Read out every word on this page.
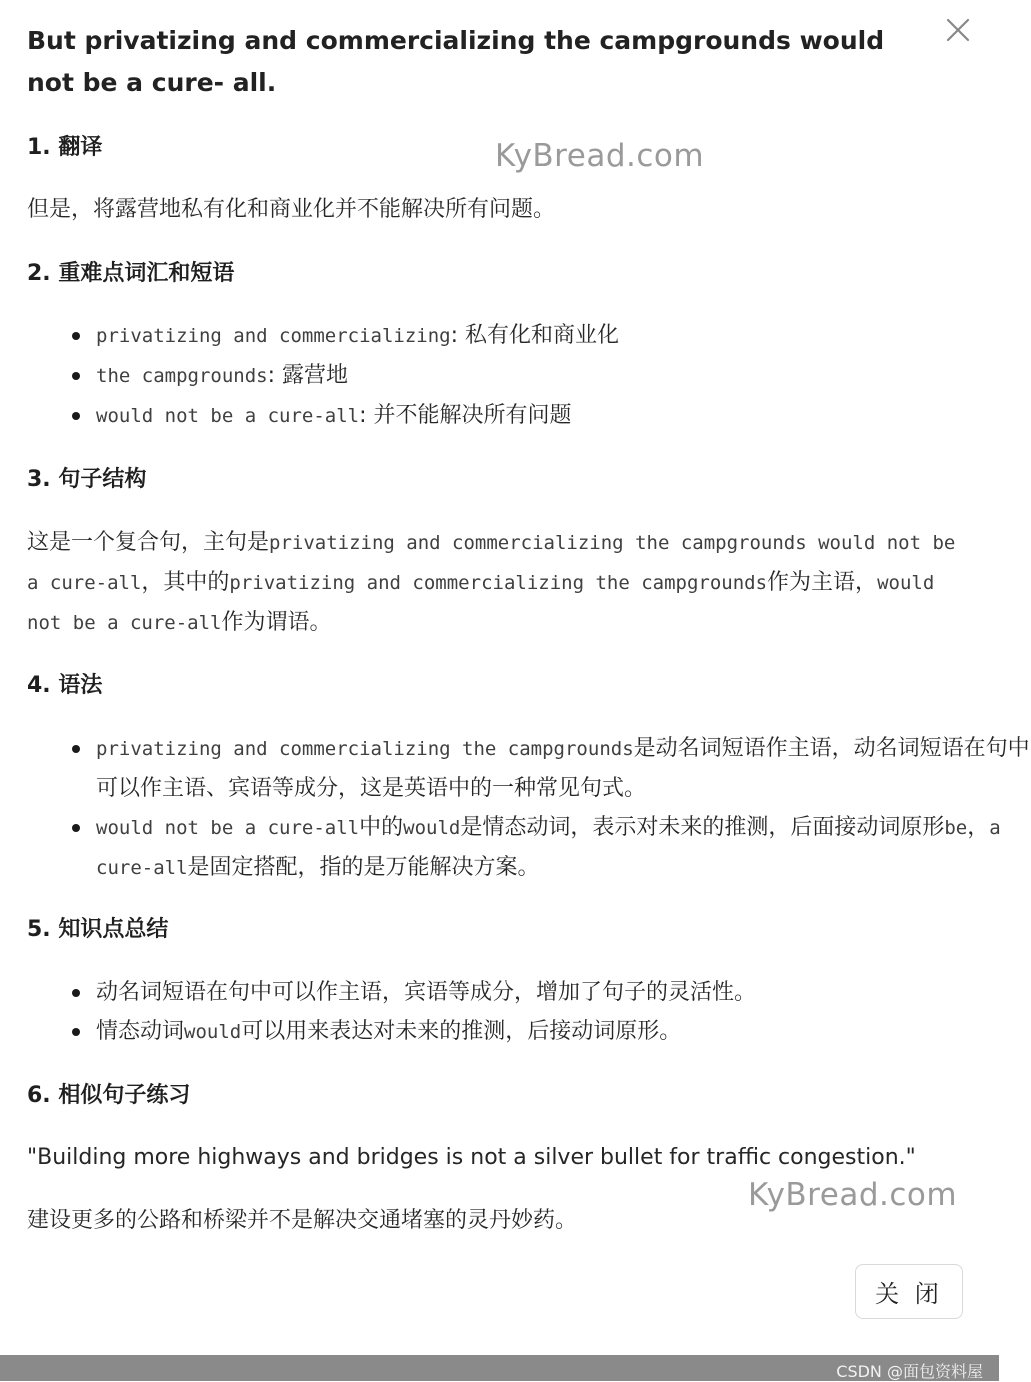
But privatizing and commercializing the campgrounds would not be a cure- all.
KyBread.com
1. 翻译

但是，将露营地私有化和商业化并不能解决所有问题。

2. 重难点词汇和短语
privatizing and commercializing: 私有化和商业化
the campgrounds: 露营地
would not be a cure-all: 并不能解决所有问题
3. 句子结构

这是一个复合句，主句是privatizing and commercializing the campgrounds would not be a cure-all，其中的privatizing and commercializing the campgrounds作为主语，would not be a cure-all作为谓语。

4. 语法
privatizing and commercializing the campgrounds是动名词短语作主语，动名词短语在句中可以作主语、宾语等成分，这是英语中的一种常见句式。
would not be a cure-all中的would是情态动词，表示对未来的推测，后面接动词原形be，a cure-all是固定搭配，指的是万能解决方案。
5. 知识点总结
动名词短语在句中可以作主语，宾语等成分，增加了句子的灵活性。
情态动词would可以用来表达对未来的推测，后接动词原形。
6. 相似句子练习

"Building more highways and bridges is not a silver bullet for traffic congestion."

建设更多的公路和桥梁并不是解决交通堵塞的灵丹妙药。

KyBread.com
关 闭
CSDN @面包资料屋
